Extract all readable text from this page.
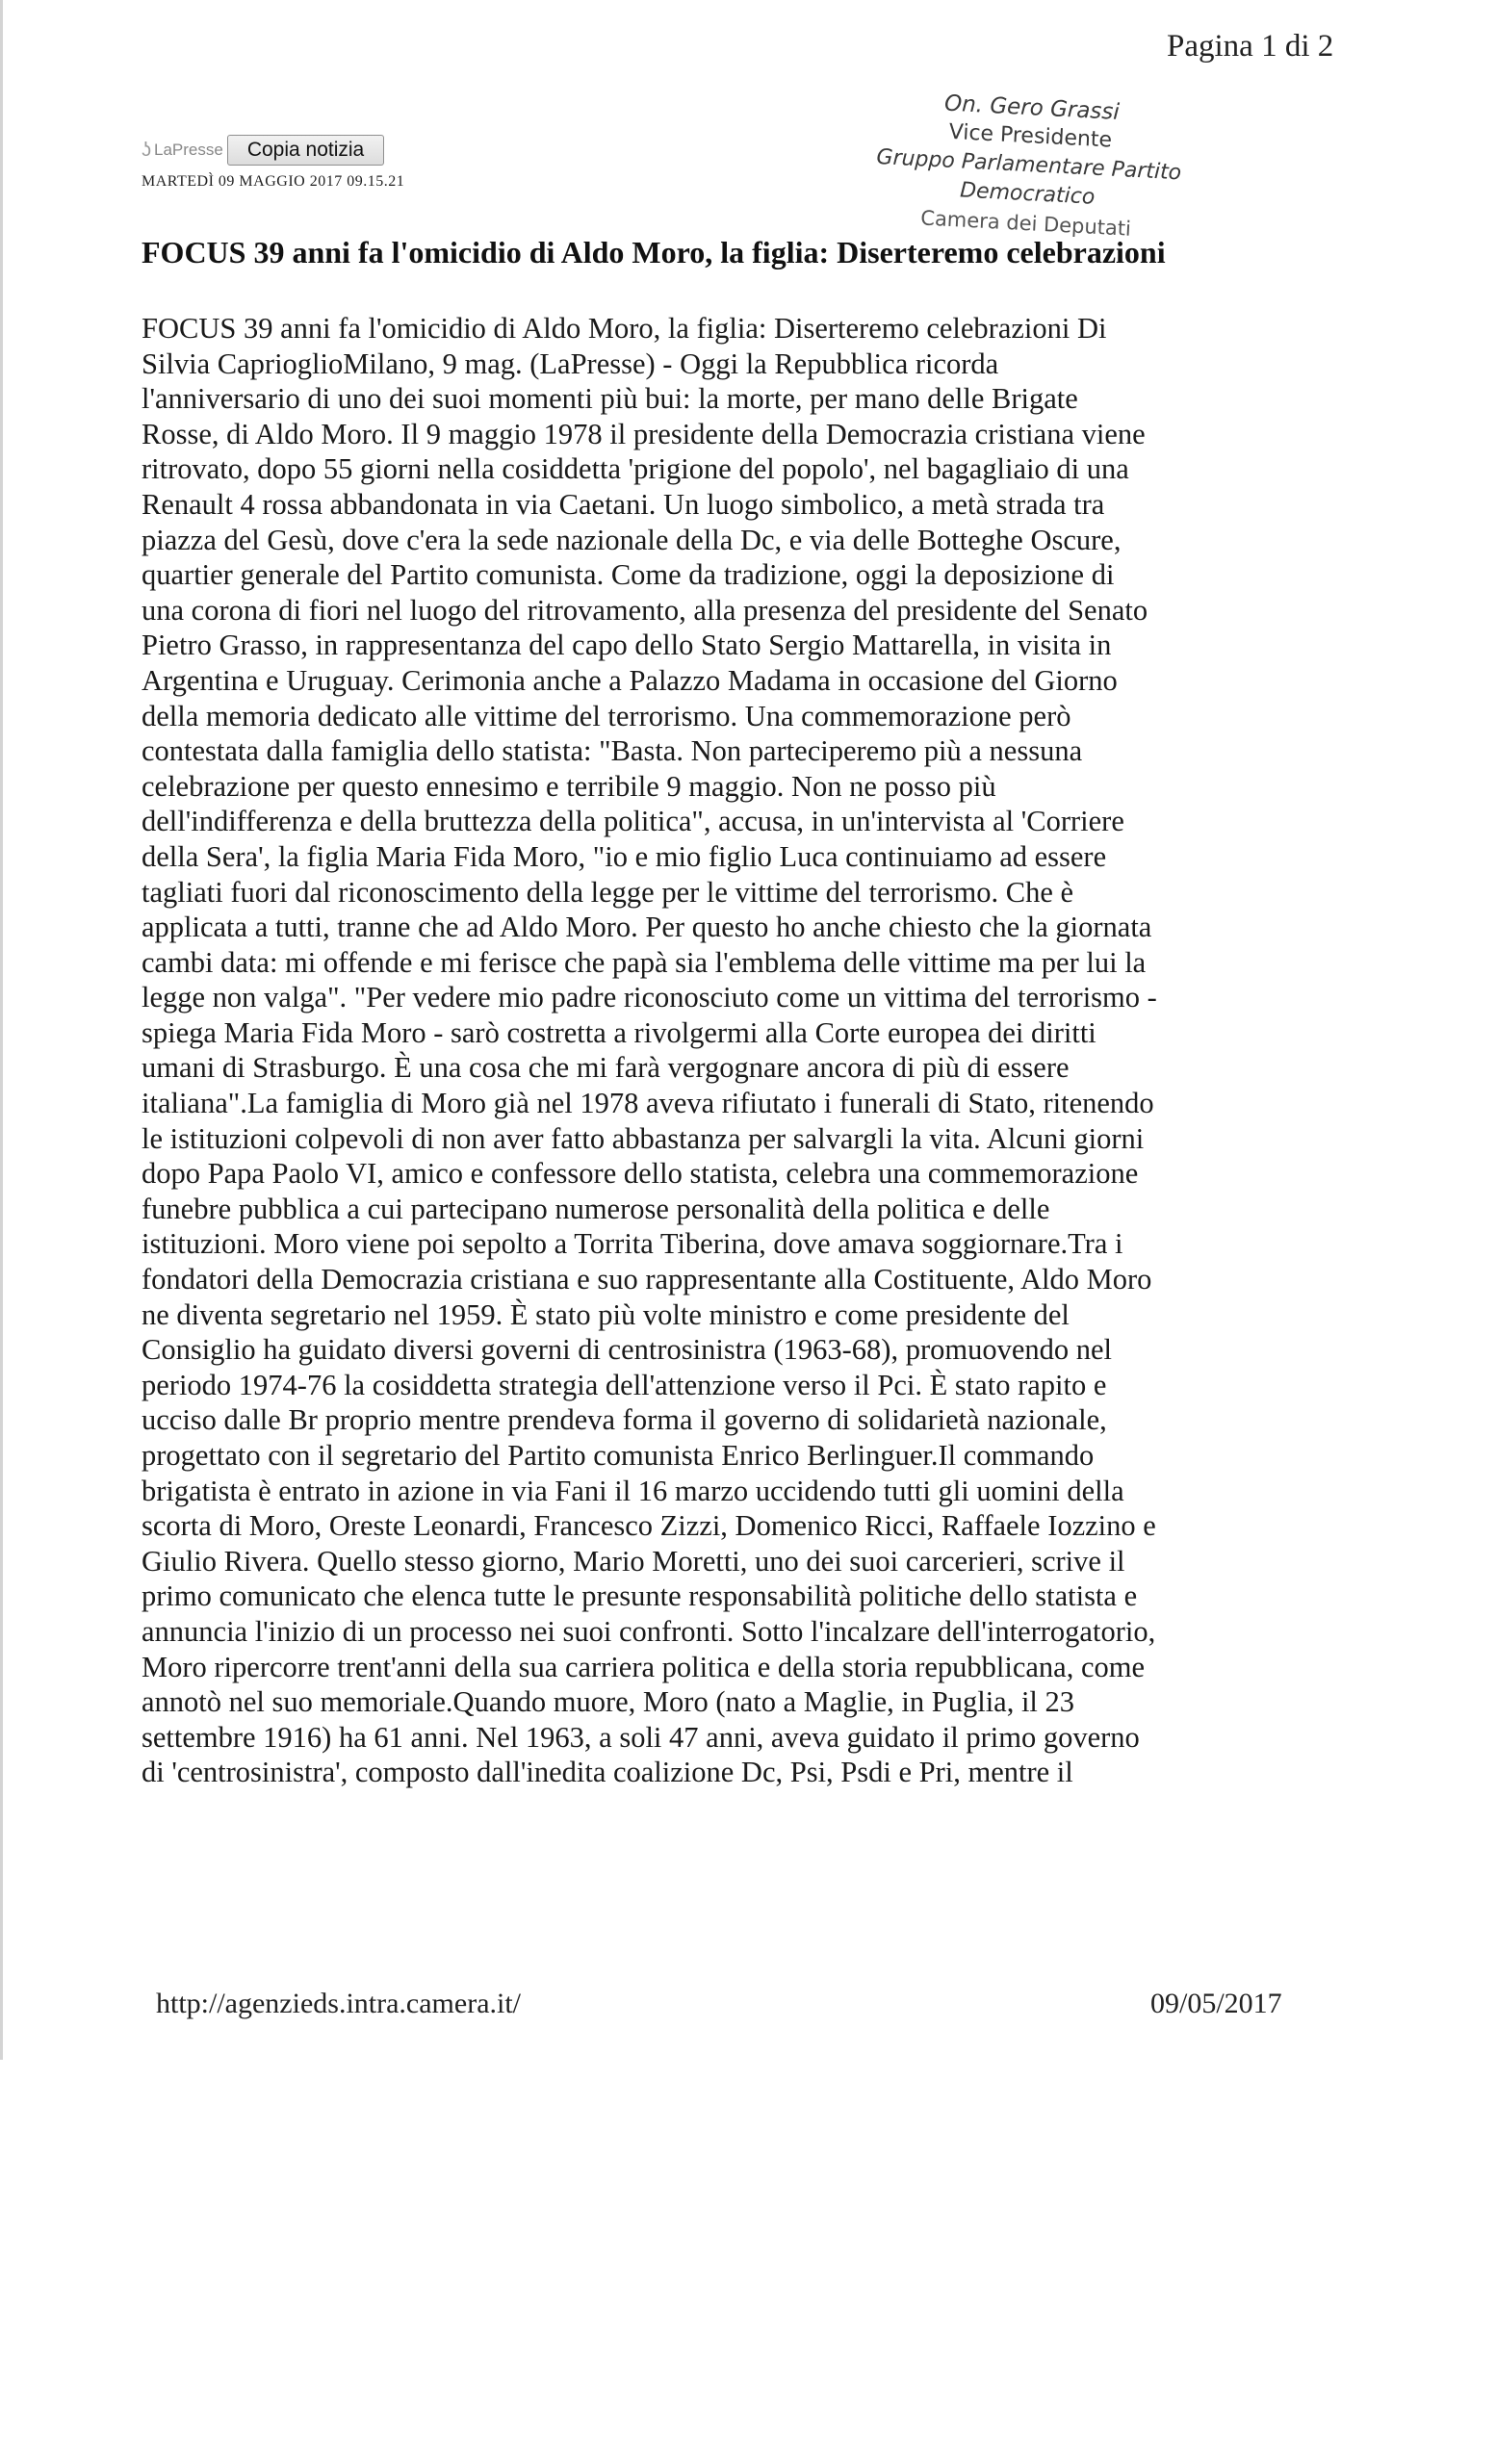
Pagina 1 di 2
On. Gero Grassi
Vice Presidente
Gruppo Parlamentare Partito Democratico
Camera dei Deputati
ʖ LaPresse	Copia notizia
MARTEDÌ 09 MAGGIO 2017 09.15.21
FOCUS 39 anni fa l'omicidio di Aldo Moro, la figlia: Diserteremo celebrazioni
FOCUS 39 anni fa l'omicidio di Aldo Moro, la figlia: Diserteremo celebrazioni Di
Silvia CaprioglioMilano, 9 mag. (LaPresse) - Oggi la Repubblica ricorda
l'anniversario di uno dei suoi momenti più bui: la morte, per mano delle Brigate
Rosse, di Aldo Moro. Il 9 maggio 1978 il presidente della Democrazia cristiana viene
ritrovato, dopo 55 giorni nella cosiddetta 'prigione del popolo', nel bagagliaio di una
Renault 4 rossa abbandonata in via Caetani. Un luogo simbolico, a metà strada tra
piazza del Gesù, dove c'era la sede nazionale della Dc, e via delle Botteghe Oscure,
quartier generale del Partito comunista. Come da tradizione, oggi la deposizione di
una corona di fiori nel luogo del ritrovamento, alla presenza del presidente del Senato
Pietro Grasso, in rappresentanza del capo dello Stato Sergio Mattarella, in visita in
Argentina e Uruguay. Cerimonia anche a Palazzo Madama in occasione del Giorno
della memoria dedicato alle vittime del terrorismo. Una commemorazione però
contestata dalla famiglia dello statista: "Basta. Non parteciperemo più a nessuna
celebrazione per questo ennesimo e terribile 9 maggio. Non ne posso più
dell'indifferenza e della bruttezza della politica", accusa, in un'intervista al 'Corriere
della Sera', la figlia Maria Fida Moro, "io e mio figlio Luca continuiamo ad essere
tagliati fuori dal riconoscimento della legge per le vittime del terrorismo. Che è
applicata a tutti, tranne che ad Aldo Moro. Per questo ho anche chiesto che la giornata
cambi data: mi offende e mi ferisce che papà sia l'emblema delle vittime ma per lui la
legge non valga". "Per vedere mio padre riconosciuto come un vittima del terrorismo -
spiega Maria Fida Moro - sarò costretta a rivolgermi alla Corte europea dei diritti
umani di Strasburgo. È una cosa che mi farà vergognare ancora di più di essere
italiana".La famiglia di Moro già nel 1978 aveva rifiutato i funerali di Stato, ritenendo
le istituzioni colpevoli di non aver fatto abbastanza per salvargli la vita. Alcuni giorni
dopo Papa Paolo VI, amico e confessore dello statista, celebra una commemorazione
funebre pubblica a cui partecipano numerose personalità della politica e delle
istituzioni. Moro viene poi sepolto a Torrita Tiberina, dove amava soggiornare.Tra i
fondatori della Democrazia cristiana e suo rappresentante alla Costituente, Aldo Moro
ne diventa segretario nel 1959. È stato più volte ministro e come presidente del
Consiglio ha guidato diversi governi di centrosinistra (1963-68), promuovendo nel
periodo 1974-76 la cosiddetta strategia dell'attenzione verso il Pci. È stato rapito e
ucciso dalle Br proprio mentre prendeva forma il governo di solidarietà nazionale,
progettato con il segretario del Partito comunista Enrico Berlinguer.Il commando
brigatista è entrato in azione in via Fani il 16 marzo uccidendo tutti gli uomini della
scorta di Moro, Oreste Leonardi, Francesco Zizzi, Domenico Ricci, Raffaele Iozzino e
Giulio Rivera. Quello stesso giorno, Mario Moretti, uno dei suoi carcerieri, scrive il
primo comunicato che elenca tutte le presunte responsabilità politiche dello statista e
annuncia l'inizio di un processo nei suoi confronti. Sotto l'incalzare dell'interrogatorio,
Moro ripercorre trent'anni della sua carriera politica e della storia repubblicana, come
annotò nel suo memoriale.Quando muore, Moro (nato a Maglie, in Puglia, il 23
settembre 1916) ha 61 anni. Nel 1963, a soli 47 anni, aveva guidato il primo governo
di 'centrosinistra', composto dall'inedita coalizione Dc, Psi, Psdi e Pri, mentre il
http://agenzieds.intra.camera.it/	09/05/2017
